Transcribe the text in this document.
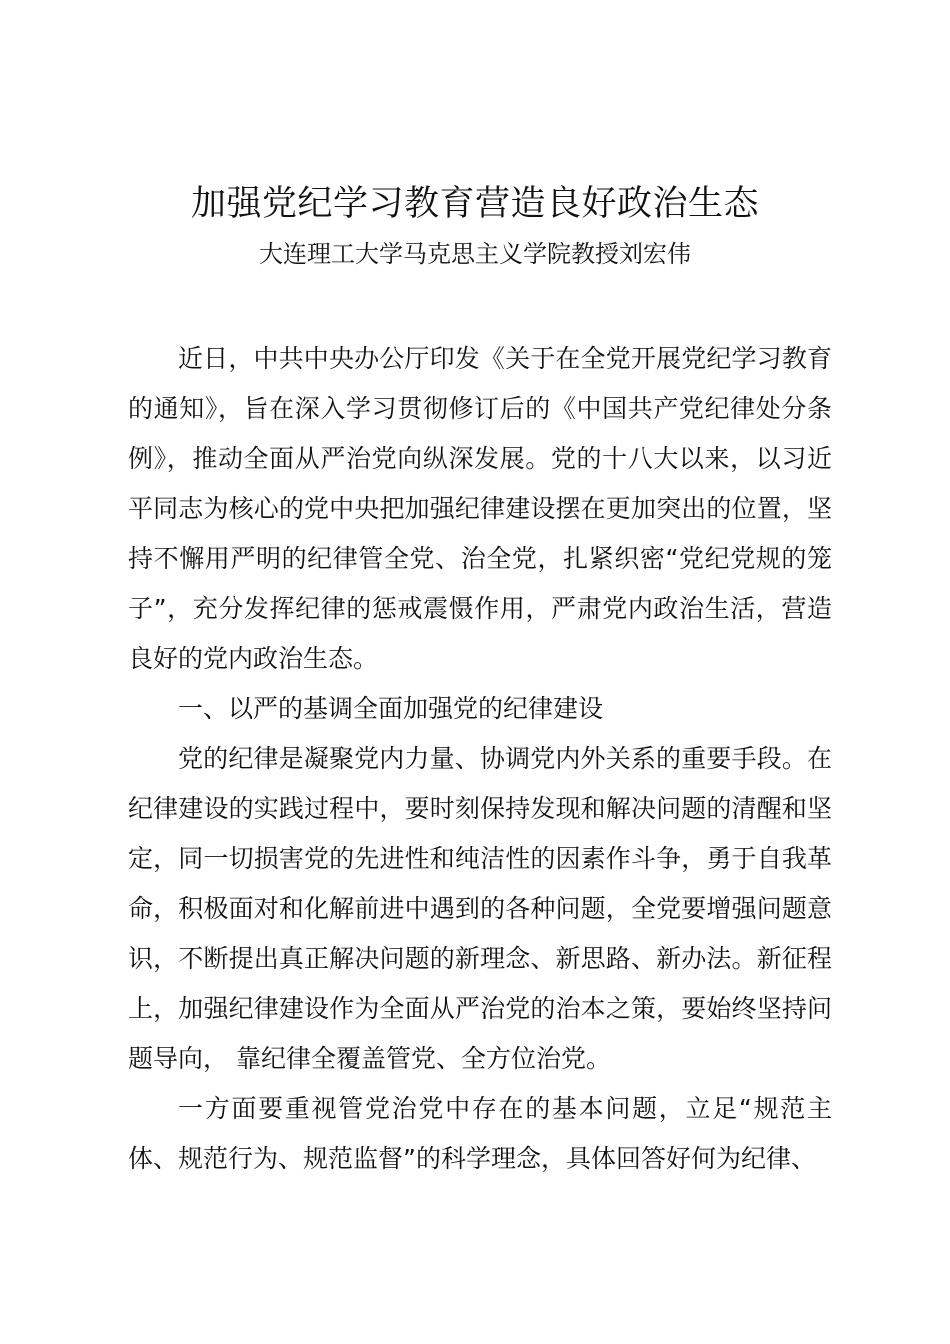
加强党纪学习教育营造良好政治生态
大连理工大学马克思主义学院教授刘宏伟

近日，中共中央办公厅印发《关于在全党开展党纪学习教育的通知》，旨在深入学习贯彻修订后的《中国共产党纪律处分条例》，推动全面从严治党向纵深发展。党的十八大以来，以习近平同志为核心的党中央把加强纪律建设摆在更加突出的位置，坚持不懈用严明的纪律管全党、治全党，扎紧织密“党纪党规的笼子”，充分发挥纪律的惩戒震慑作用，严肃党内政治生活，营造良好的党内政治生态。

一、以严的基调全面加强党的纪律建设

党的纪律是凝聚党内力量、协调党内外关系的重要手段。在纪律建设的实践过程中，要时刻保持发现和解决问题的清醒和坚定，同一切损害党的先进性和纯洁性的因素作斗争，勇于自我革命，积极面对和化解前进中遇到的各种问题，全党要增强问题意识，不断提出真正解决问题的新理念、新思路、新办法。新征程上，加强纪律建设作为全面从严治党的治本之策，要始终坚持问题导向， 靠纪律全覆盖管党、全方位治党。

一方面要重视管党治党中存在的基本问题，立足“规范主体、规范行为、规范监督”的科学理念，具体回答好何为纪律、
